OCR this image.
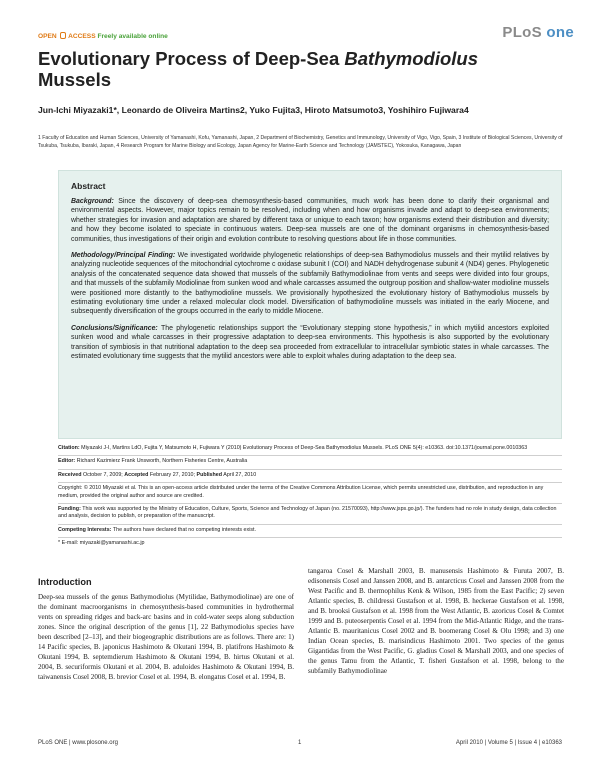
OPEN ACCESS Freely available online	PLoS one
Evolutionary Process of Deep-Sea Bathymodiolus
Mussels
Jun-Ichi Miyazaki1*, Leonardo de Oliveira Martins2, Yuko Fujita3, Hiroto Matsumoto3, Yoshihiro Fujiwara4
1 Faculty of Education and Human Sciences, University of Yamanashi, Kofu, Yamanashi, Japan, 2 Department of Biochemistry, Genetics and Immunology, University of Vigo, Vigo, Spain, 3 Institute of Biological Sciences, University of Tsukuba, Tsukuba, Ibaraki, Japan, 4 Research Program for Marine Biology and Ecology, Japan Agency for Marine-Earth Science and Technology (JAMSTEC), Yokosuka, Kanagawa, Japan
Abstract

Background: Since the discovery of deep-sea chemosynthesis-based communities, much work has been done to clarify their organismal and environmental aspects. However, major topics remain to be resolved, including when and how organisms invade and adapt to deep-sea environments; whether strategies for invasion and adaptation are shared by different taxa or unique to each taxon; how organisms extend their distribution and diversity; and how they become isolated to speciate in continuous waters. Deep-sea mussels are one of the dominant organisms in chemosynthesis-based communities, thus investigations of their origin and evolution contribute to resolving questions about life in those communities.

Methodology/Principal Finding: We investigated worldwide phylogenetic relationships of deep-sea Bathymodiolus mussels and their mytilid relatives by analyzing nucleotide sequences of the mitochondrial cytochrome c oxidase subunit I (COI) and NADH dehydrogenase subunit 4 (ND4) genes. Phylogenetic analysis of the concatenated sequence data showed that mussels of the subfamily Bathymodiolinae from vents and seeps were divided into four groups, and that mussels of the subfamily Modiolinae from sunken wood and whale carcasses assumed the outgroup position and shallow-water modioline mussels were positioned more distantly to the bathymodioline mussels. We provisionally hypothesized the evolutionary history of Bathymodiolus mussels by estimating evolutionary time under a relaxed molecular clock model. Diversification of bathymodioline mussels was initiated in the early Miocene, and subsequently diversification of the groups occurred in the early to middle Miocene.

Conclusions/Significance: The phylogenetic relationships support the “Evolutionary stepping stone hypothesis,” in which mytilid ancestors exploited sunken wood and whale carcasses in their progressive adaptation to deep-sea environments. This hypothesis is also supported by the evolutionary transition of symbiosis in that nutritional adaptation to the deep sea proceeded from extracellular to intracellular symbiotic states in whale carcasses. The estimated evolutionary time suggests that the mytilid ancestors were able to exploit whales during adaptation to the deep sea.

Citation: Miyazaki J-I, Martins LdO, Fujita Y, Matsumoto H, Fujiwara Y (2010) Evolutionary Process of Deep-Sea Bathymodiolus Mussels. PLoS ONE 5(4): e10363. doi:10.1371/journal.pone.0010363
Editor: Richard Kazimierz Frank Unsworth, Northern Fisheries Centre, Australia
Received October 7, 2009; Accepted February 27, 2010; Published April 27, 2010
Copyright: © 2010 Miyazaki et al. This is an open-access article distributed under the terms of the Creative Commons Attribution License, which permits unrestricted use, distribution, and reproduction in any medium, provided the original author and source are credited.
Funding: This work was supported by the Ministry of Education, Culture, Sports, Science and Technology of Japan (no. 21570093), http://www.jsps.go.jp/). The funders had no role in study design, data collection and analysis, decision to publish, or preparation of the manuscript.
Competing Interests: The authors have declared that no competing interests exist.
* E-mail: miyazaki@yamanashi.ac.jp
Introduction
Deep-sea mussels of the genus Bathymodiolus (Mytilidae, Bathymodiolinae) are one of the dominant macroorganisms in chemosynthesis-based communities in hydrothermal vents on spreading ridges and back-arc basins and in cold-water seeps along subduction zones. Since the original description of the genus [1], 22 Bathymodiolus species have been described [2–13], and their biogeographic distributions are as follows. There are: 1) 14 Pacific species, B. japonicus Hashimoto & Okutani 1994, B. platifrons Hashimoto & Okutani 1994, B. septemdierum Hashimoto & Okutani 1994, B. hirtus Okutani et al. 2004, B. securiformis Okutani et al. 2004, B. aduloides Hashimoto & Okutani 1994, B. taiwanensis Cosel 2008, B. brevior Cosel et al. 1994, B. elongatus Cosel et al. 1994, B.
tangaroa Cosel & Marshall 2003, B. manusensis Hashimoto & Furuta 2007, B. edisonensis Cosel and Janssen 2008, and B. antarcticus Cosel and Janssen 2008 from the West Pacific and B. thermophilus Kenk & Wilson, 1985 from the East Pacific; 2) seven Atlantic species, B. childressi Gustafson et al. 1998, B. heckerae Gustafson et al. 1998, and B. brooksi Gustafson et al. 1998 from the West Atlantic, B. azoricus Cosel & Comtet 1999 and B. puteoserpentis Cosel et al. 1994 from the Mid-Atlantic Ridge, and the trans-Atlantic B. mauritanicus Cosel 2002 and B. boomerang Cosel & Olu 1998; and 3) one Indian Ocean species, B. marisindicus Hashimoto 2001. Two species of the genus Gigantidas from the West Pacific, G. gladius Cosel & Marshall 2003, and one species of the genus Tamu from the Atlantic, T. fisheri Gustafson et al. 1998, belong to the subfamily Bathymodiolinae
PLoS ONE | www.plosone.org	1	April 2010 | Volume 5 | Issue 4 | e10363
